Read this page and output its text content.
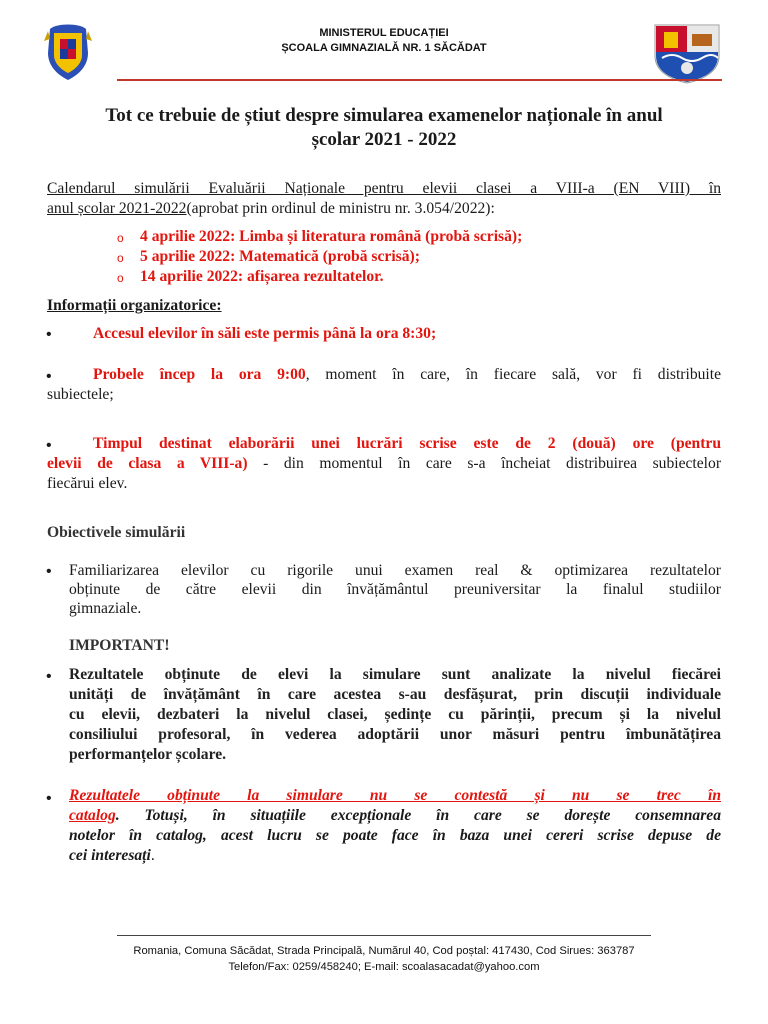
MINISTERUL EDUCAȚIEI
ȘCOALA GIMNAZIALĂ NR. 1 SĂCĂDAT
Tot ce trebuie de știut despre simularea examenelor naționale în anul
școlar 2021 - 2022
Calendarul simulării Evaluării Naționale pentru elevii clasei a VIII-a (EN VIII) în
anul școlar 2021-2022(aprobat prin ordinul de ministru nr. 3.054/2022):
o 4 aprilie 2022: Limba și literatura română (probă scrisă);
o 5 aprilie 2022: Matematică (probă scrisă);
o 14 aprilie 2022: afișarea rezultatelor.
Informații organizatorice:
•	Accesul elevilor în săli este permis până la ora 8:30;
•	Probele încep la ora 9:00, moment în care, în fiecare sală, vor fi distribuite
subiectele;
•	Timpul destinat elaborării unei lucrări scrise este de 2 (două) ore (pentru
elevii de clasa a VIII-a) - din momentul în care s-a încheiat distribuirea subiectelor
fiecărui elev.
Obiectivele simulării
• Familiarizarea elevilor cu rigorile unui examen real & optimizarea rezultatelor
obținute de către elevii din învățământul preuniversitar la finalul studiilor
gimnaziale.
IMPORTANT!
• Rezultatele obținute de elevi la simulare sunt analizate la nivelul fiecărei
unități de învățământ în care acestea s-au desfășurat, prin discuții individuale
cu elevii, dezbateri la nivelul clasei, ședințe cu părinții, precum și la nivelul
consiliului profesoral, în vederea adoptării unor măsuri pentru îmbunătățirea
performanțelor școlare.
• Rezultatele obținute la simulare nu se contestă și nu se trec în
catalog. Totuși, în situațiile excepționale în care se dorește consemnarea
notelor în catalog, acest lucru se poate face în baza unei cereri scrise depuse de
cei interesați.
Romania, Comuna Săcădat, Strada Principală, Numărul 40, Cod poștal: 417430, Cod Sirues: 363787
Telefon/Fax: 0259/458240; E-mail: scoalasacadat@yahoo.com
